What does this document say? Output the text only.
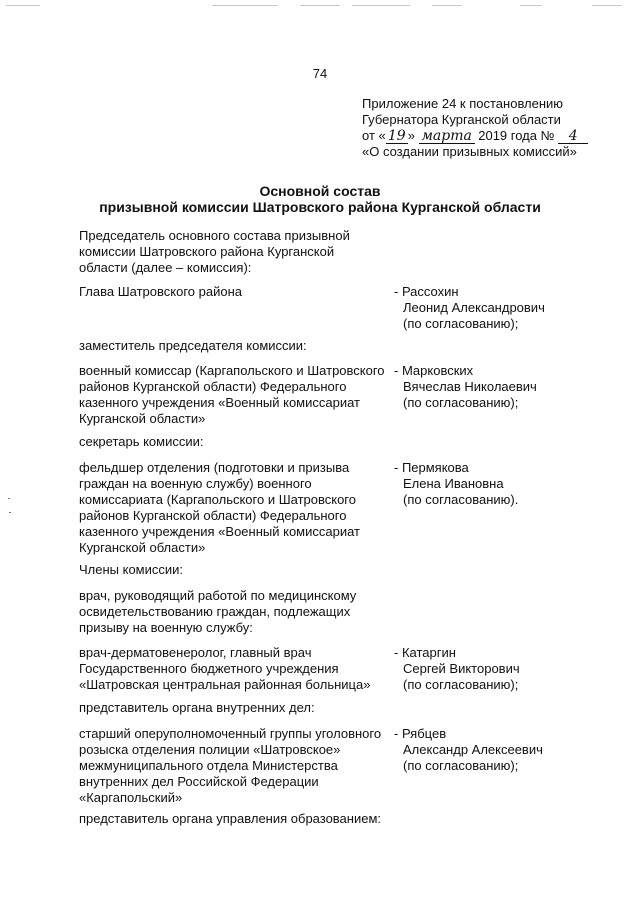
74
Приложение 24 к постановлению
Губернатора Курганской области
от « 19 » марта 2019 года № 4
«О создании призывных комиссий»
Основной состав
призывной комиссии Шатровского района Курганской области
Председатель основного состава призывной
комиссии Шатровского района Курганской
области (далее – комиссия):
Глава Шатровского района	- Рассохин
Леонид Александрович
(по согласованию);
заместитель председателя комиссии:
военный комиссар (Каргапольского и Шатровского
районов Курганской области) Федерального
казенного учреждения «Военный комиссариат
Курганской области»
- Марковских
Вячеслав Николаевич
(по согласованию);
секретарь комиссии:
фельдшер отделения (подготовки и призыва
граждан на военную службу) военного
комиссариата (Каргапольского и Шатровского
районов Курганской области) Федерального
казенного учреждения «Военный комиссариат
Курганской области»
- Пермякова
Елена Ивановна
(по согласованию).
Члены комиссии:
врач, руководящий работой по медицинскому
освидетельствованию граждан, подлежащих
призыву на военную службу:
врач-дерматовенеролог, главный врач
Государственного бюджетного учреждения
«Шатровская центральная районная больница»
- Катаргин
Сергей Викторович
(по согласованию);
представитель органа внутренних дел:
старший оперуполномоченный группы уголовного
розыска отделения полиции «Шатровское»
межмуниципального отдела Министерства
внутренних дел Российской Федерации
«Каргапольский»
- Рябцев
Александр Алексеевич
(по согласованию);
представитель органа управления образованием:
